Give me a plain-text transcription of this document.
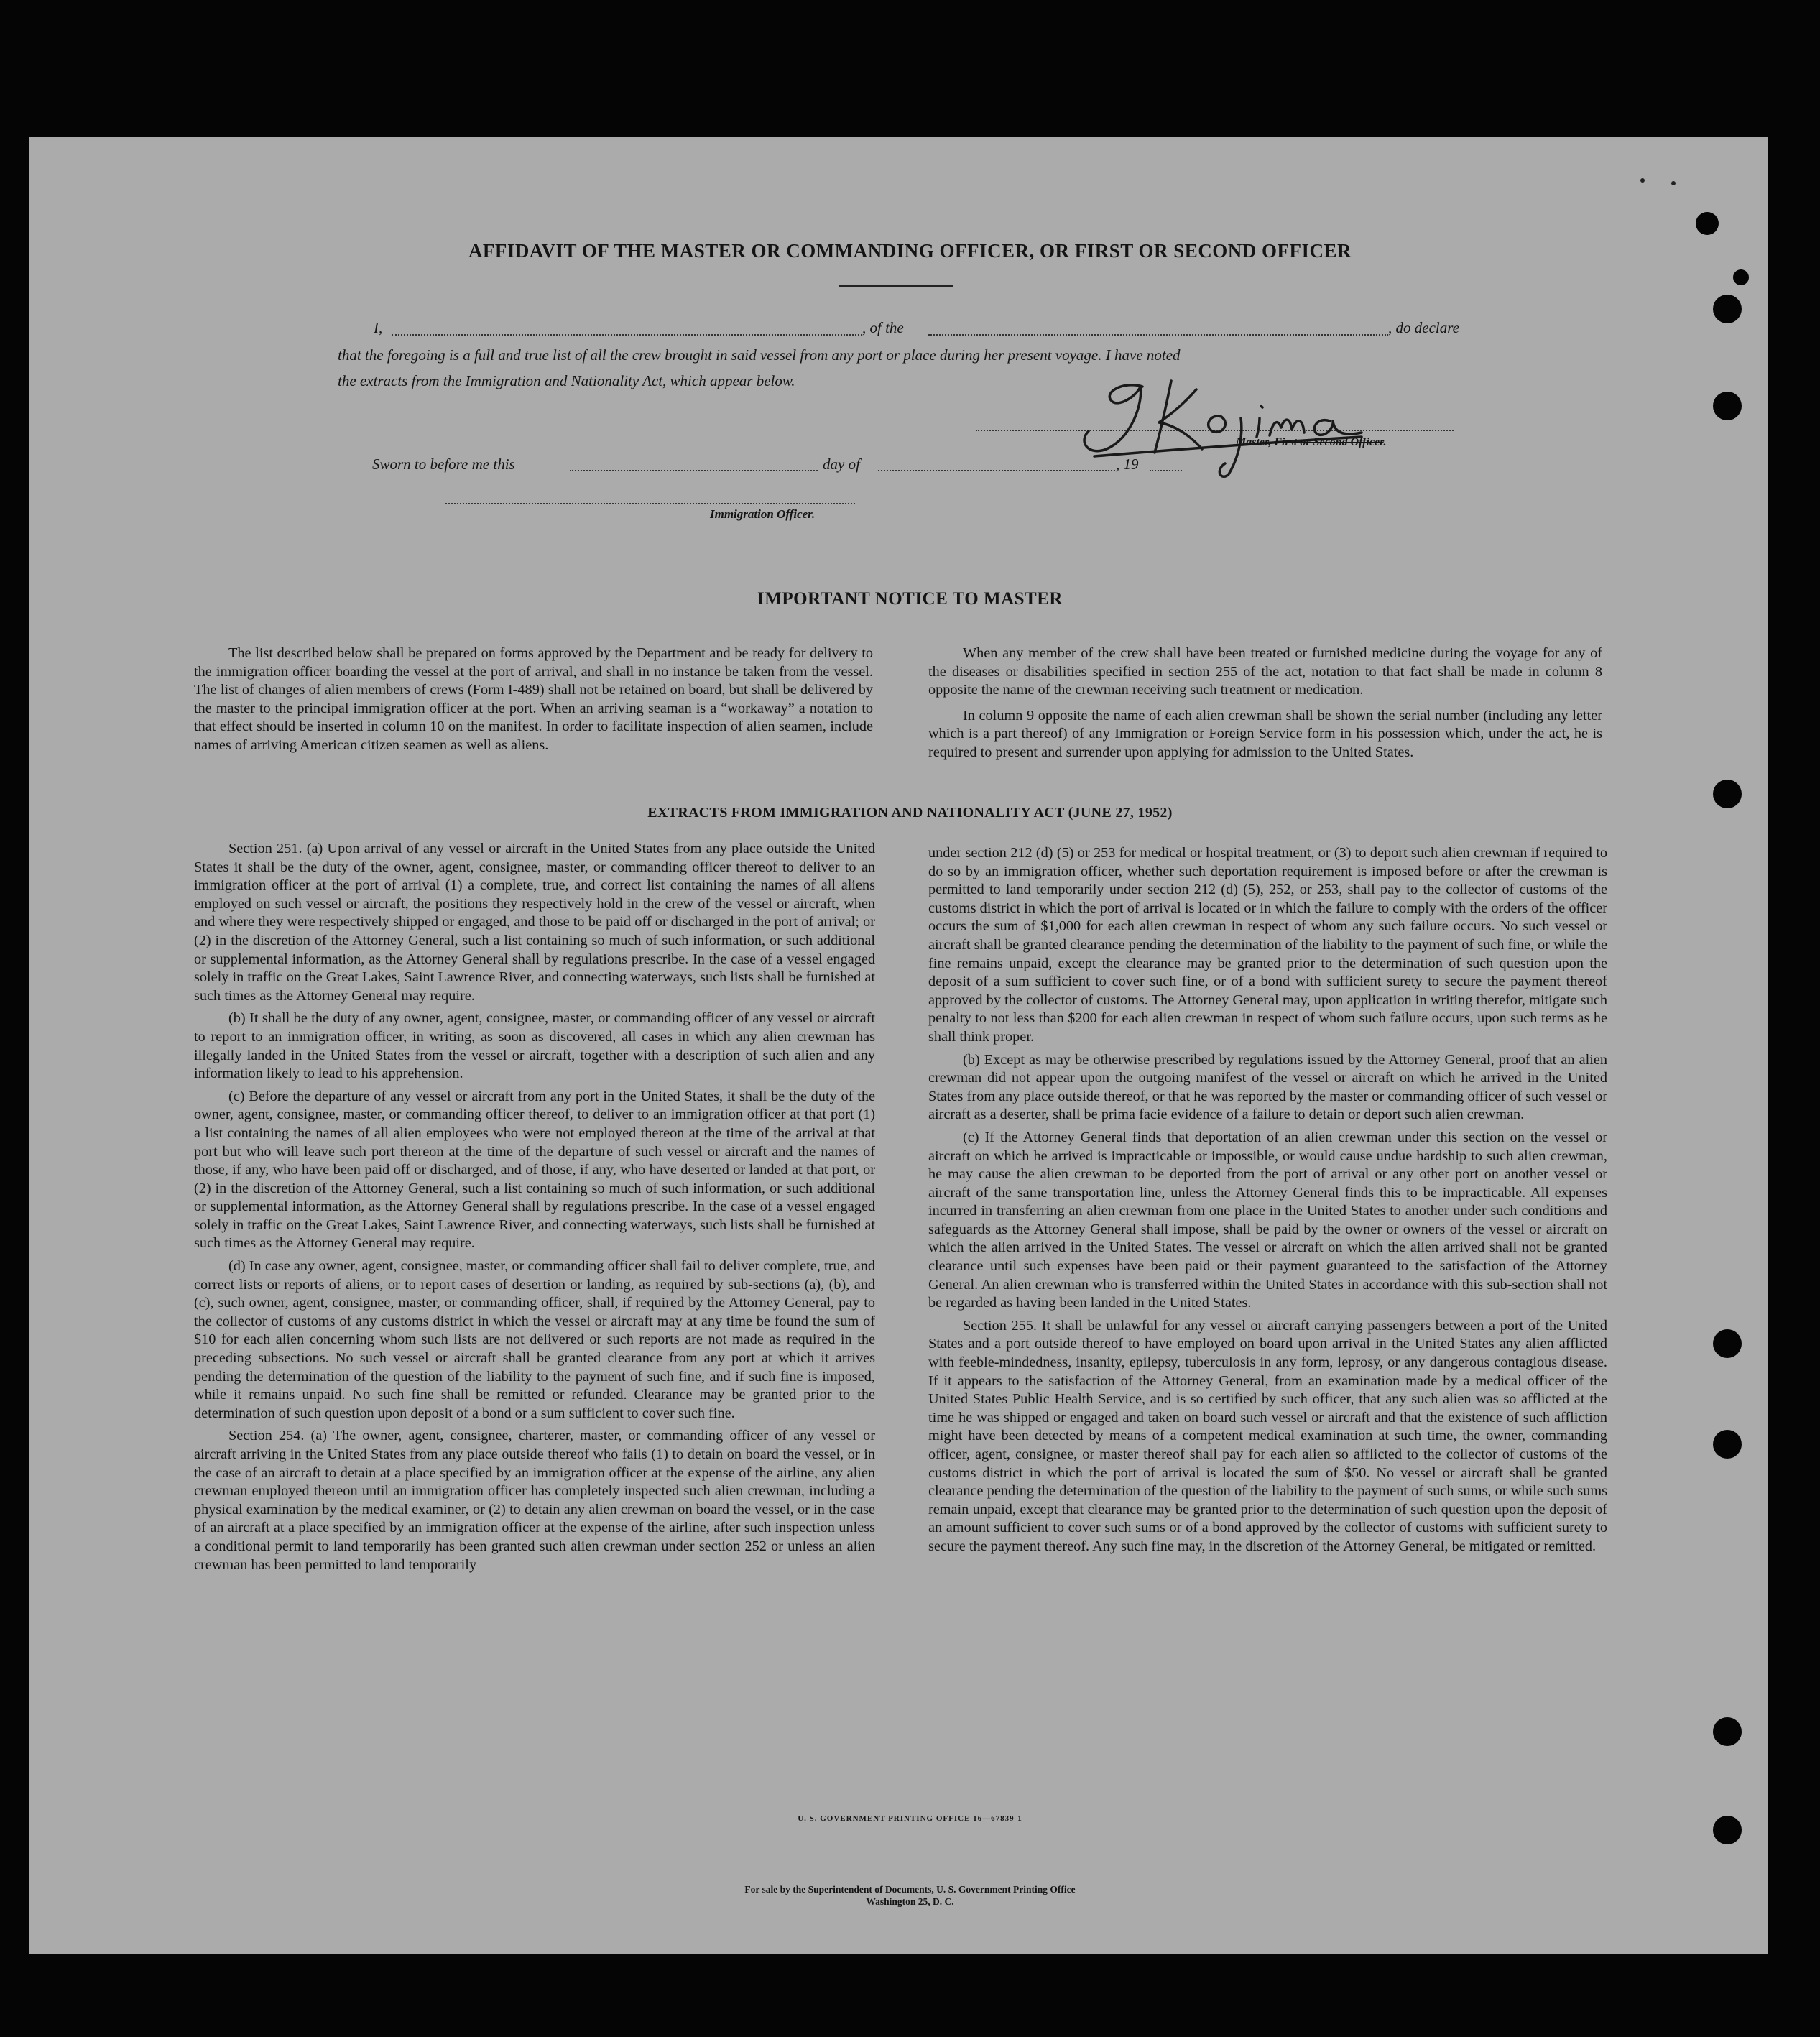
AFFIDAVIT OF THE MASTER OR COMMANDING OFFICER, OR FIRST OR SECOND OFFICER
I,	, of the	, do declare
that the foregoing is a full and true list of all the crew brought in said vessel from any port or place during her present voyage. I have noted
the extracts from the Immigration and Nationality Act, which appear below.
Master, First or Second Officer.
Sworn to before me this	day of	, 19
Immigration Officer.
IMPORTANT NOTICE TO MASTER

The list described below shall be prepared on forms approved by the Department and be ready for delivery to the immigration officer boarding the vessel at the port of arrival, and shall in no instance be taken from the vessel. The list of changes of alien members of crews (Form I-489) shall not be retained on board, but shall be delivered by the master to the principal immigration officer at the port. When an arriving seaman is a “workaway” a notation to that effect should be inserted in column 10 on the manifest. In order to facilitate inspection of alien seamen, include names of arriving American citizen seamen as well as aliens.

When any member of the crew shall have been treated or furnished medicine during the voyage for any of the diseases or disabilities specified in section 255 of the act, notation to that fact shall be made in column 8 opposite the name of the crewman receiving such treatment or medication.

In column 9 opposite the name of each alien crewman shall be shown the serial number (including any letter which is a part thereof) of any Immigration or Foreign Service form in his possession which, under the act, he is required to present and surrender upon applying for admission to the United States.

EXTRACTS FROM IMMIGRATION AND NATIONALITY ACT (JUNE 27, 1952)

Section 251. (a) Upon arrival of any vessel or aircraft in the United States from any place outside the United States it shall be the duty of the owner, agent, consignee, master, or commanding officer thereof to deliver to an immigration officer at the port of arrival (1) a complete, true, and correct list containing the names of all aliens employed on such vessel or aircraft, the positions they respectively hold in the crew of the vessel or aircraft, when and where they were respectively shipped or engaged, and those to be paid off or discharged in the port of arrival; or (2) in the discretion of the Attorney General, such a list containing so much of such information, or such additional or supplemental information, as the Attorney General shall by regulations prescribe. In the case of a vessel engaged solely in traffic on the Great Lakes, Saint Lawrence River, and connecting waterways, such lists shall be furnished at such times as the Attorney General may require.

(b) It shall be the duty of any owner, agent, consignee, master, or commanding officer of any vessel or aircraft to report to an immigration officer, in writing, as soon as discovered, all cases in which any alien crewman has illegally landed in the United States from the vessel or aircraft, together with a description of such alien and any information likely to lead to his apprehension.

(c) Before the departure of any vessel or aircraft from any port in the United States, it shall be the duty of the owner, agent, consignee, master, or commanding officer thereof, to deliver to an immigration officer at that port (1) a list containing the names of all alien employees who were not employed thereon at the time of the arrival at that port but who will leave such port thereon at the time of the departure of such vessel or aircraft and the names of those, if any, who have been paid off or discharged, and of those, if any, who have deserted or landed at that port, or (2) in the discretion of the Attorney General, such a list containing so much of such information, or such additional or supplemental information, as the Attorney General shall by regulations prescribe. In the case of a vessel engaged solely in traffic on the Great Lakes, Saint Lawrence River, and connecting waterways, such lists shall be furnished at such times as the Attorney General may require.

(d) In case any owner, agent, consignee, master, or commanding officer shall fail to deliver complete, true, and correct lists or reports of aliens, or to report cases of desertion or landing, as required by sub-sections (a), (b), and (c), such owner, agent, consignee, master, or commanding officer, shall, if required by the Attorney General, pay to the collector of customs of any customs district in which the vessel or aircraft may at any time be found the sum of $10 for each alien concerning whom such lists are not delivered or such reports are not made as required in the preceding subsections. No such vessel or aircraft shall be granted clearance from any port at which it arrives pending the determination of the question of the liability to the payment of such fine, and if such fine is imposed, while it remains unpaid. No such fine shall be remitted or refunded. Clearance may be granted prior to the determination of such question upon deposit of a bond or a sum sufficient to cover such fine.

Section 254. (a) The owner, agent, consignee, charterer, master, or commanding officer of any vessel or aircraft arriving in the United States from any place outside thereof who fails (1) to detain on board the vessel, or in the case of an aircraft to detain at a place specified by an immigration officer at the expense of the airline, any alien crewman employed thereon until an immigration officer has completely inspected such alien crewman, including a physical examination by the medical examiner, or (2) to detain any alien crewman on board the vessel, or in the case of an aircraft at a place specified by an immigration officer at the expense of the airline, after such inspection unless a conditional permit to land temporarily has been granted such alien crewman under section 252 or unless an alien crewman has been permitted to land temporarily

under section 212 (d) (5) or 253 for medical or hospital treatment, or (3) to deport such alien crewman if required to do so by an immigration officer, whether such deportation requirement is imposed before or after the crewman is permitted to land temporarily under section 212 (d) (5), 252, or 253, shall pay to the collector of customs of the customs district in which the port of arrival is located or in which the failure to comply with the orders of the officer occurs the sum of $1,000 for each alien crewman in respect of whom any such failure occurs. No such vessel or aircraft shall be granted clearance pending the determination of the liability to the payment of such fine, or while the fine remains unpaid, except the clearance may be granted prior to the determination of such question upon the deposit of a sum sufficient to cover such fine, or of a bond with sufficient surety to secure the payment thereof approved by the collector of customs. The Attorney General may, upon application in writing therefor, mitigate such penalty to not less than $200 for each alien crewman in respect of whom such failure occurs, upon such terms as he shall think proper.

(b) Except as may be otherwise prescribed by regulations issued by the Attorney General, proof that an alien crewman did not appear upon the outgoing manifest of the vessel or aircraft on which he arrived in the United States from any place outside thereof, or that he was reported by the master or commanding officer of such vessel or aircraft as a deserter, shall be prima facie evidence of a failure to detain or deport such alien crewman.

(c) If the Attorney General finds that deportation of an alien crewman under this section on the vessel or aircraft on which he arrived is impracticable or impossible, or would cause undue hardship to such alien crewman, he may cause the alien crewman to be deported from the port of arrival or any other port on another vessel or aircraft of the same transportation line, unless the Attorney General finds this to be impracticable. All expenses incurred in transferring an alien crewman from one place in the United States to another under such conditions and safeguards as the Attorney General shall impose, shall be paid by the owner or owners of the vessel or aircraft on which the alien arrived in the United States. The vessel or aircraft on which the alien arrived shall not be granted clearance until such expenses have been paid or their payment guaranteed to the satisfaction of the Attorney General. An alien crewman who is transferred within the United States in accordance with this sub-section shall not be regarded as having been landed in the United States.

Section 255. It shall be unlawful for any vessel or aircraft carrying passengers between a port of the United States and a port outside thereof to have employed on board upon arrival in the United States any alien afflicted with feeble-mindedness, insanity, epilepsy, tuberculosis in any form, leprosy, or any dangerous contagious disease. If it appears to the satisfaction of the Attorney General, from an examination made by a medical officer of the United States Public Health Service, and is so certified by such officer, that any such alien was so afflicted at the time he was shipped or engaged and taken on board such vessel or aircraft and that the existence of such affliction might have been detected by means of a competent medical examination at such time, the owner, commanding officer, agent, consignee, or master thereof shall pay for each alien so afflicted to the collector of customs of the customs district in which the port of arrival is located the sum of $50. No vessel or aircraft shall be granted clearance pending the determination of the question of the liability to the payment of such sums, or while such sums remain unpaid, except that clearance may be granted prior to the determination of such question upon the deposit of an amount sufficient to cover such sums or of a bond approved by the collector of customs with sufficient surety to secure the payment thereof. Any such fine may, in the discretion of the Attorney General, be mitigated or remitted.

U. S. GOVERNMENT PRINTING OFFICE 16—67839-1
For sale by the Superintendent of Documents, U. S. Government Printing Office
Washington 25, D. C.
